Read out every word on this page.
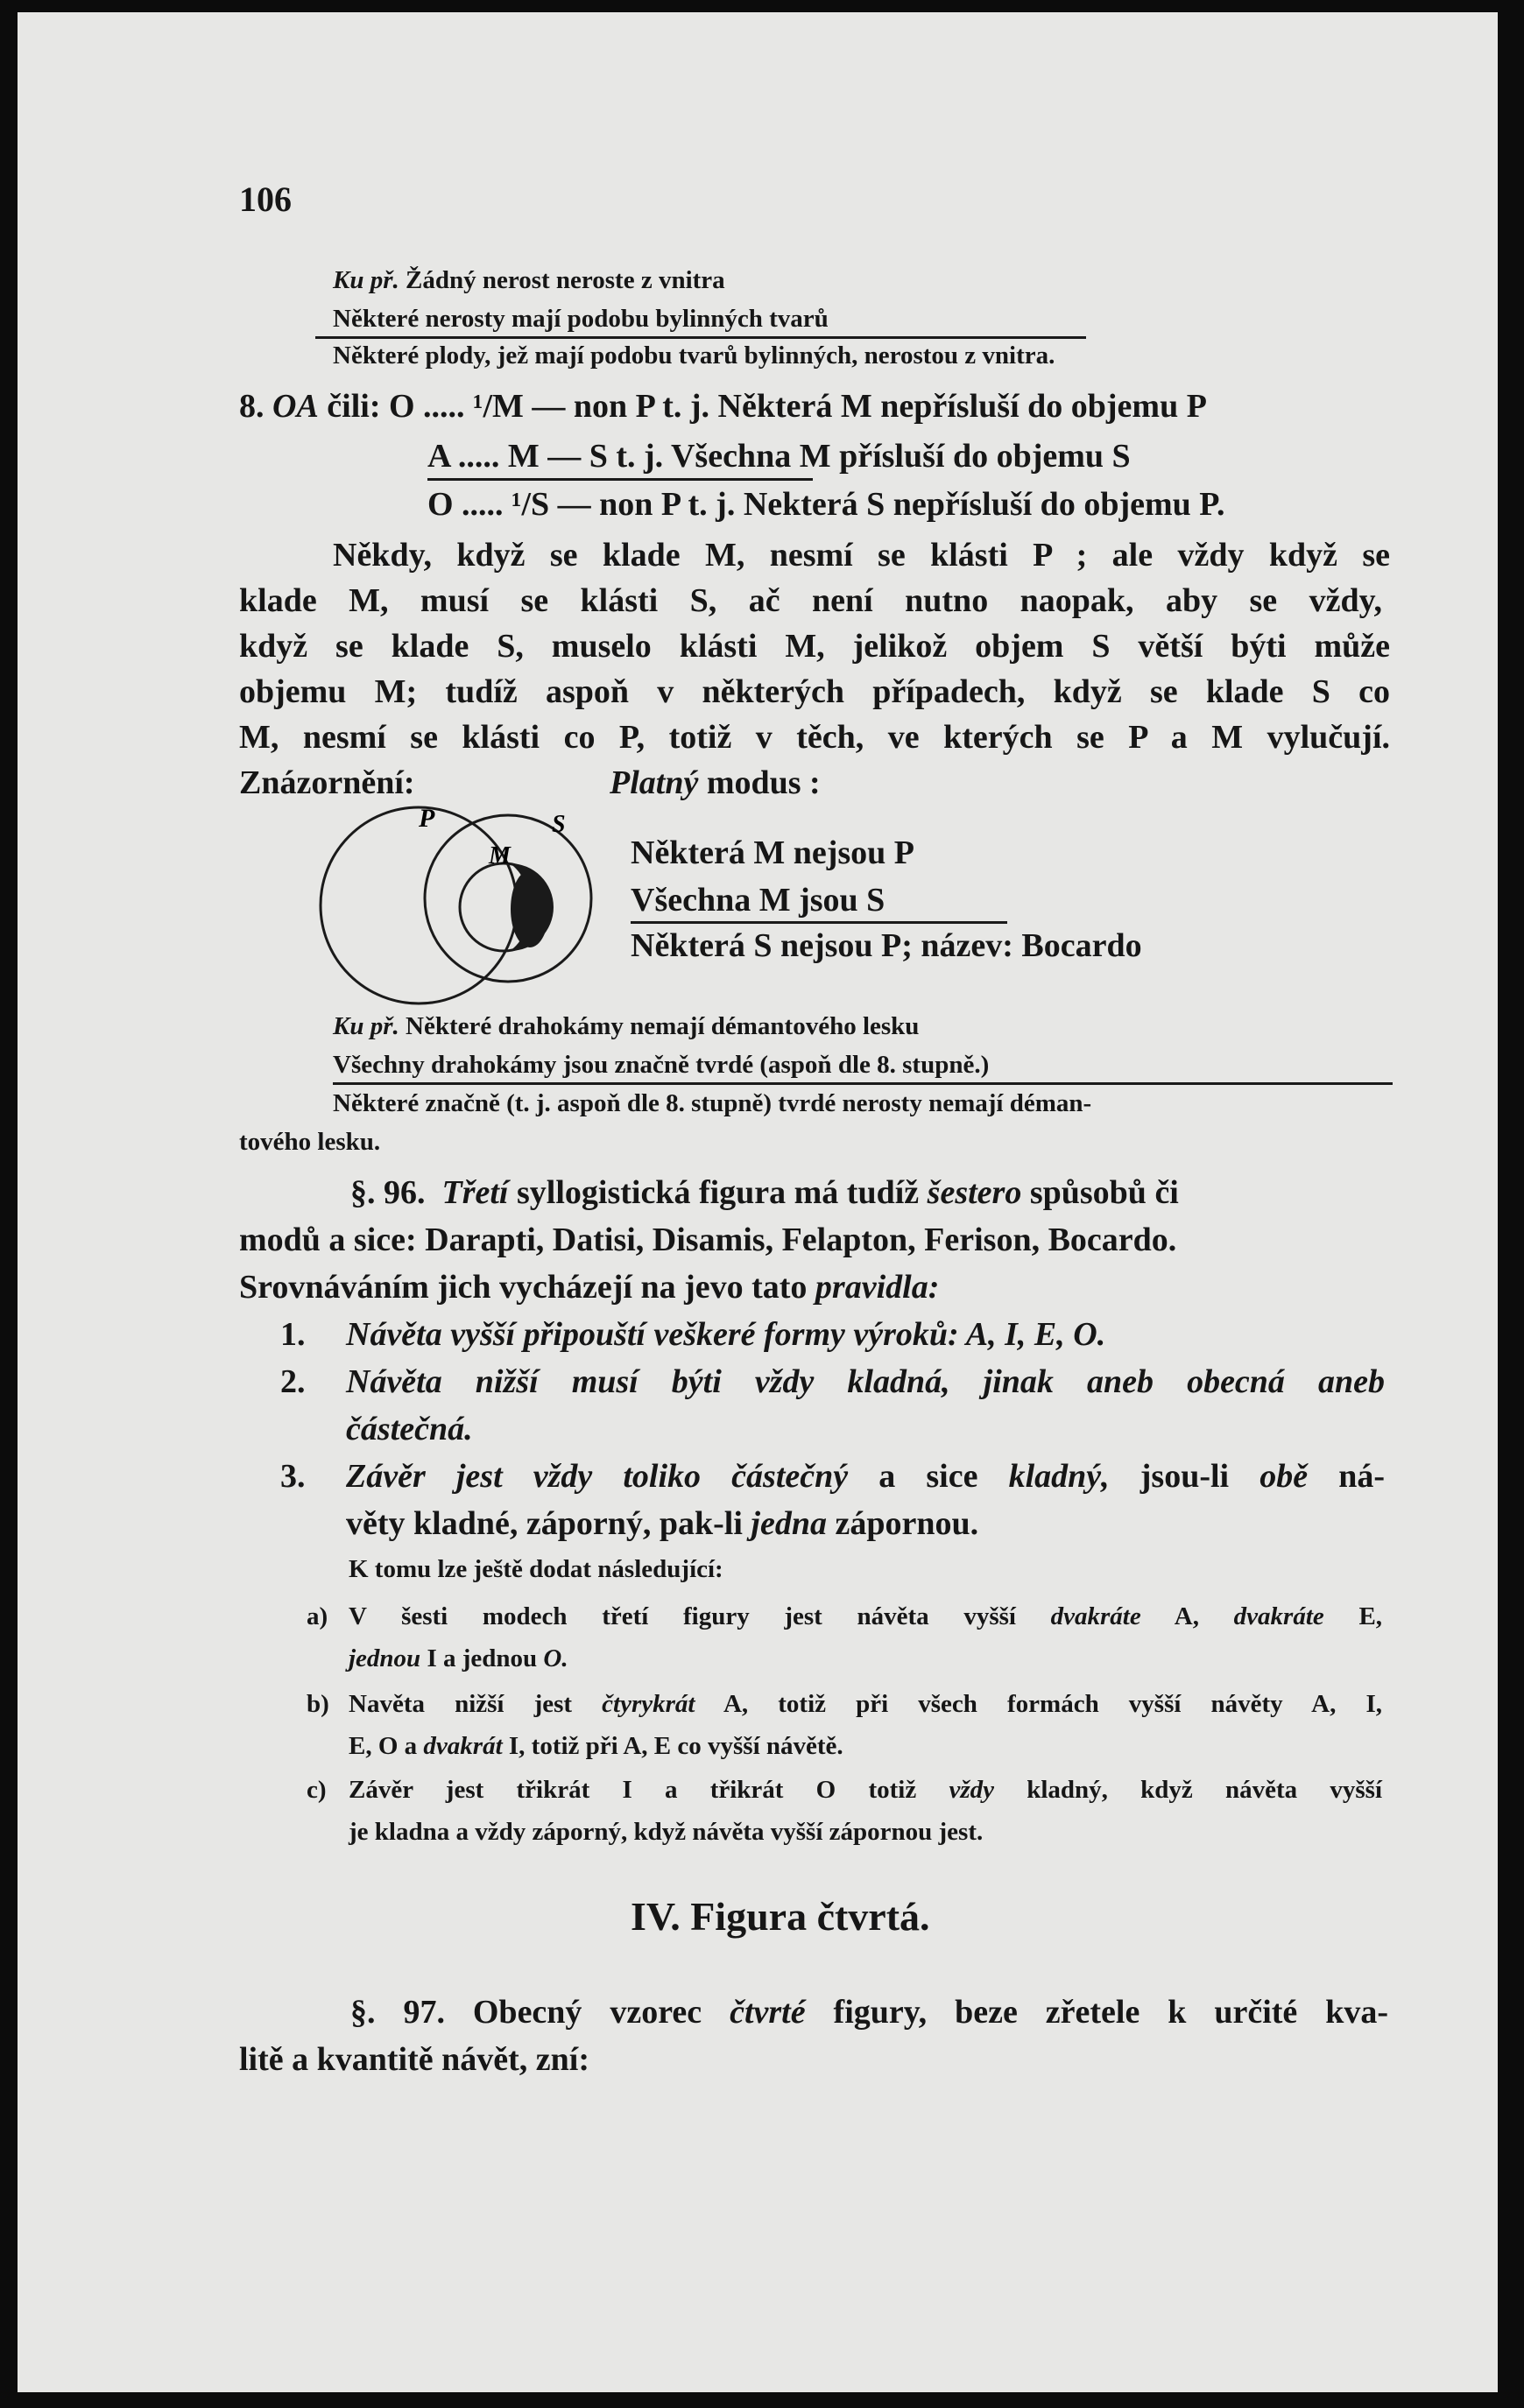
106
Ku př. Žádný nerost neroste z vnitra
Některé nerosty mají podobu bylinných tvarů
Některé plody, jež mají podobu tvarů bylinných, nerostou z vnitra.
8. OA čili: O ..... ¹/M — non P t. j. Některá M nepřísluší do objemu P
A ..... M — S t. j. Všechna M přísluší do objemu S
O ..... ¹/S — non P t. j. Nekterá S nepřísluší do objemu P.
Někdy, když se klade M, nesmí se klásti P ; ale vždy když se
klade M, musí se klásti S, ač není nutno naopak, aby se vždy,
když se klade S, muselo klásti M, jelikož objem S větší býti může
objemu M; tudíž aspoň v některých případech, když se klade S co
M, nesmí se klásti co P, totiž v těch, ve kterých se P a M vylučují.
Znázornění:	Platný modus :
P
M
S
Některá M nejsou P
Všechna M jsou S
Některá S nejsou P; název: Bocardo
Ku př. Některé drahokámy nemají démantového lesku
Všechny drahokámy jsou značně tvrdé (aspoň dle 8. stupně.)
Některé značně (t. j. aspoň dle 8. stupně) tvrdé nerosty nemají déman-
tového lesku.
§. 96. Třetí syllogistická figura má tudíž šestero spůsobů či
modů a sice: Darapti, Datisi, Disamis, Felapton, Ferison, Bocardo.
Srovnáváním jich vycházejí na jevo tato pravidla:
1. Návěta vyšší připouští veškeré formy výroků: A, I, E, O.
2. Návěta nižší musí býti vždy kladná, jinak aneb obecná aneb
částečná.
3. Závěr jest vždy toliko částečný a sice kladný, jsou-li obě ná-
věty kladné, záporný, pak-li jedna zápornou.
K tomu lze ještě dodat následující:
a) V šesti modech třetí figury jest návěta vyšší dvakráte A, dvakráte E,
jednou I a jednou O.
b) Navěta nižší jest čtyrykrát A, totiž při všech formách vyšší návěty A, I,
E, O a dvakrát I, totiž při A, E co vyšší návětě.
c) Závěr jest třikrát I a třikrát O totiž vždy kladný, když návěta vyšší
je kladna a vždy záporný, když návěta vyšší zápornou jest.
IV. Figura čtvrtá.
§. 97. Obecný vzorec čtvrté figury, beze zřetele k určité kva-
litě a kvantitě návět, zní:
